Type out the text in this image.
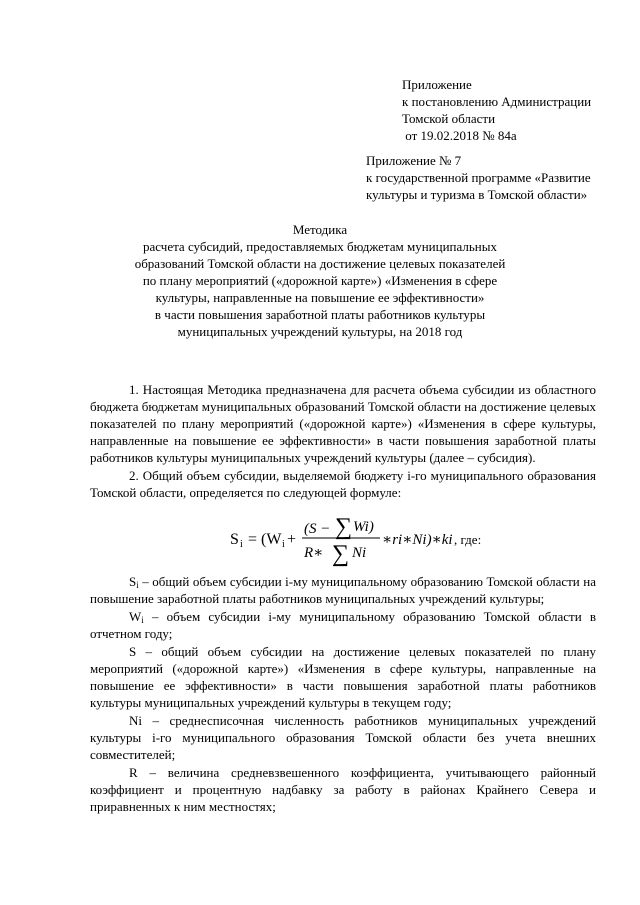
Приложение
к постановлению Администрации
Томской области
от 19.02.2018 № 84а
Приложение № 7
к государственной программе «Развитие
культуры и туризма в Томской области»
Методика
расчета субсидий, предоставляемых бюджетам муниципальных
образований Томской области на достижение целевых показателей
по плану мероприятий («дорожной карте») «Изменения в сфере
культуры, направленные на повышение ее эффективности»
в части повышения заработной платы работников культуры
муниципальных учреждений культуры, на 2018 год

1. Настоящая Методика предназначена для расчета объема субсидии из областного бюджета бюджетам муниципальных образований Томской области на достижение целевых показателей по плану мероприятий («дорожной карте») «Изменения в сфере культуры, направленные на повышение ее эффективности» в части повышения заработной платы работников культуры муниципальных учреждений культуры (далее – субсидия).

2. Общий объем субсидии, выделяемой бюджету i-го муниципального образования Томской области, определяется по следующей формуле:

S i = (W i +
(S − ∑ Wi)
R∗ ∑ Ni
∗ri∗Ni)∗ki , где:

$S_i$ – общий объем субсидии i-му муниципальному образованию Томской области на повышение заработной платы работников муниципальных учреждений культуры;

$W_i$ – объем субсидии i-му муниципальному образованию Томской области в отчетном году;

S – общий объем субсидии на достижение целевых показателей по плану мероприятий («дорожной карте») «Изменения в сфере культуры, направленные на повышение ее эффективности» в части повышения заработной платы работников культуры муниципальных учреждений культуры в текущем году;

Ni – среднесписочная численность работников муниципальных учреждений культуры i-го муниципального образования Томской области без учета внешних совместителей;

R – величина средневзвешенного коэффициента, учитывающего районный коэффициент и процентную надбавку за работу в районах Крайнего Севера и приравненных к ним местностях;
